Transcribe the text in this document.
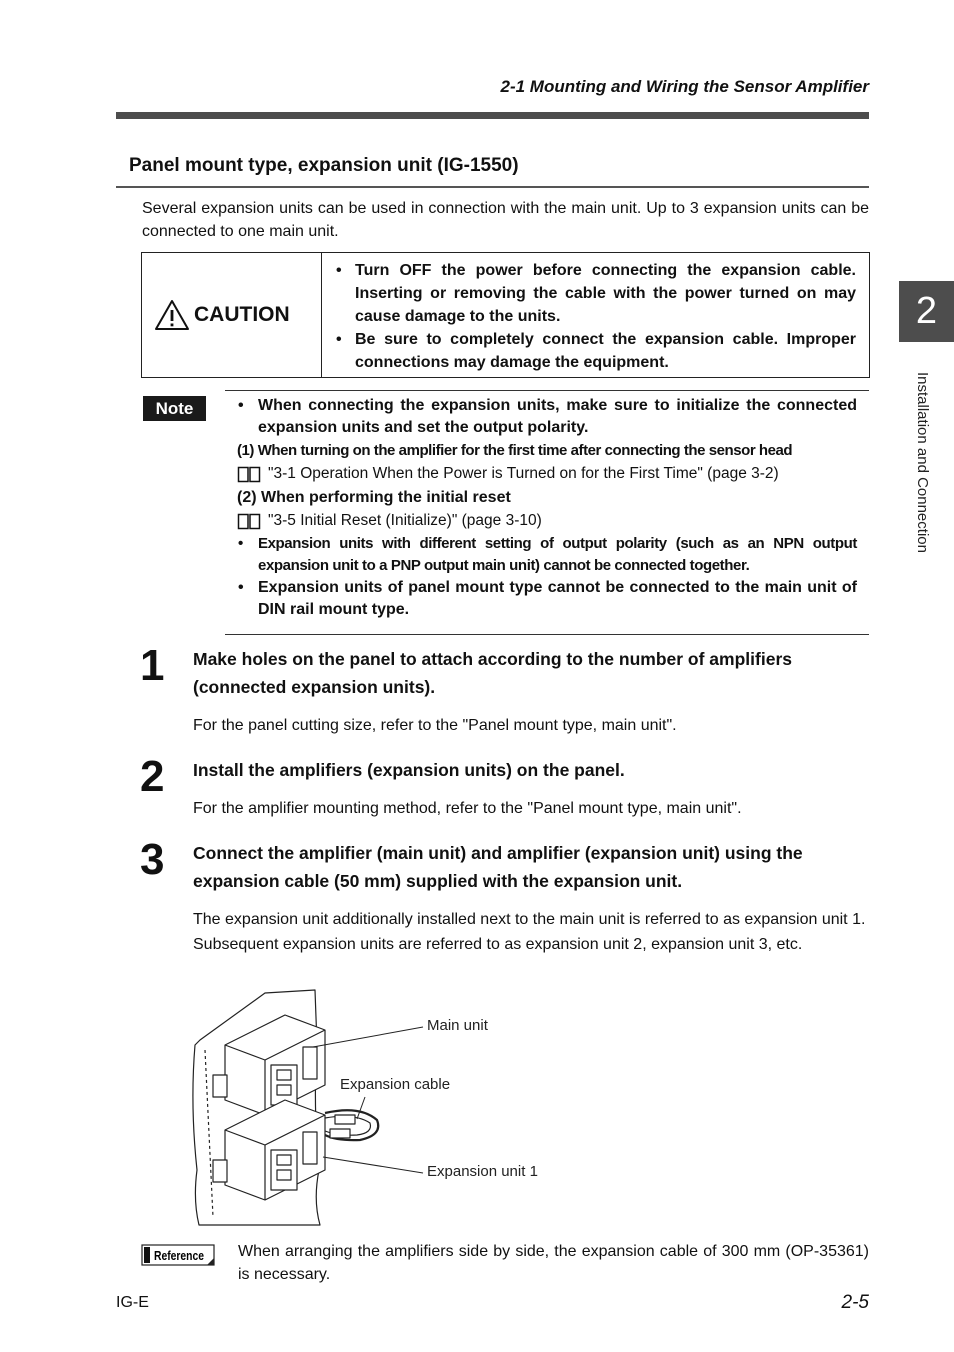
2-1 Mounting and Wiring the Sensor Amplifier
Panel mount type, expansion unit (IG-1550)
Several expansion units can be used in connection with the main unit. Up to 3 expansion units can be connected to one main unit.
CAUTION
• Turn OFF the power before connecting the expansion cable. Inserting or removing the cable with the power turned on may cause damage to the units.
• Be sure to completely connect the expansion cable. Improper connections may damage the equipment.
Note
•	When connecting the expansion units, make sure to initialize the connected expansion units and set the output polarity.
(1) When turning on the amplifier for the first time after connecting the sensor head
"3-1 Operation When the Power is Turned on for the First Time" (page 3-2)
(2) When performing the initial reset
"3-5 Initial Reset (Initialize)" (page 3-10)
• Expansion units with different setting of output polarity (such as an NPN output expansion unit to a PNP output main unit) cannot be connected together.
• Expansion units of panel mount type cannot be connected to the main unit of DIN rail mount type.
1 Make holes on the panel to attach according to the number of amplifiers (connected expansion units).
For the panel cutting size, refer to the "Panel mount type, main unit".
2 Install the amplifiers (expansion units) on the panel.
For the amplifier mounting method, refer to the "Panel mount type, main unit".
3 Connect the amplifier (main unit) and amplifier (expansion unit) using the expansion cable (50 mm) supplied with the expansion unit.
The expansion unit additionally installed next to the main unit is referred to as expansion unit 1. Subsequent expansion units are referred to as expansion unit 2, expansion unit 3, etc.
Main unit
Expansion cable
Expansion unit 1
Reference When arranging the amplifiers side by side, the expansion cable of 300 mm (OP-35361) is necessary.
IG-E	2-5
2
Installation and Connection
